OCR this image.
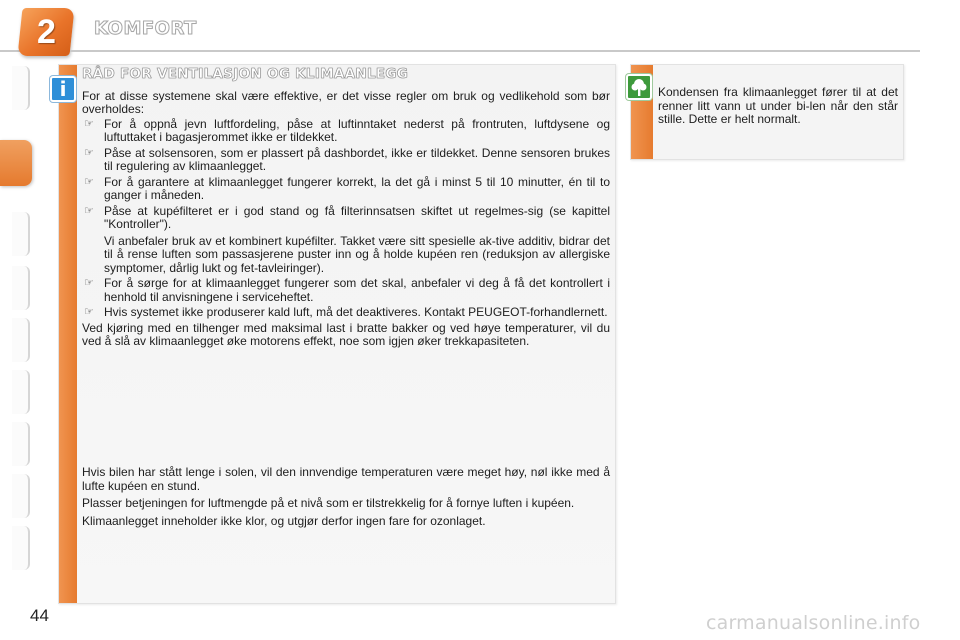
2 KOMFORT
i
RÅD FOR VENTILASJON OG KLIMAANLEGG

For at disse systemene skal være effektive, er det visse regler om bruk og vedlikehold som bør overholdes:

☞ For å oppnå jevn luftfordeling, påse at luftinntaket nederst på frontruten, luftdysene og luftuttaket i bagasjerommet ikke er tildekket.
☞ Påse at solsensoren, som er plassert på dashbordet, ikke er tildekket. Denne sensoren brukes til regulering av klimaanlegget.
☞ For å garantere at klimaanlegget fungerer korrekt, la det gå i minst 5 til 10 minutter, én til to ganger i måneden.
☞ Påse at kupéfilteret er i god stand og få filterinnsatsen skiftet ut regelmes-sig (se kapittel "Kontroller").

Vi anbefaler bruk av et kombinert kupéfilter. Takket være sitt spesielle ak-tive additiv, bidrar det til å rense luften som passasjerene puster inn og å holde kupéen ren (reduksjon av allergiske symptomer, dårlig lukt og fet-tavleiringer).

☞ For å sørge for at klimaanlegget fungerer som det skal, anbefaler vi deg å få det kontrollert i henhold til anvisningene i serviceheftet.
☞ Hvis systemet ikke produserer kald luft, må det deaktiveres. Kontakt PEUGEOT-forhandlernett.

Ved kjøring med en tilhenger med maksimal last i bratte bakker og ved høye temperaturer, vil du ved å slå av klimaanlegget øke motorens effekt, noe som igjen øker trekkapasiteten.

Hvis bilen har stått lenge i solen, vil den innvendige temperaturen være meget høy, nøl ikke med å lufte kupéen en stund.

Plasser betjeningen for luftmengde på et nivå som er tilstrekkelig for å fornye luften i kupéen.

Klimaanlegget inneholder ikke klor, og utgjør derfor ingen fare for ozonlaget.

Kondensen fra klimaanlegget fører til at det renner litt vann ut under bi-len når den står stille. Dette er helt normalt.

44	carmanualsonline.info
